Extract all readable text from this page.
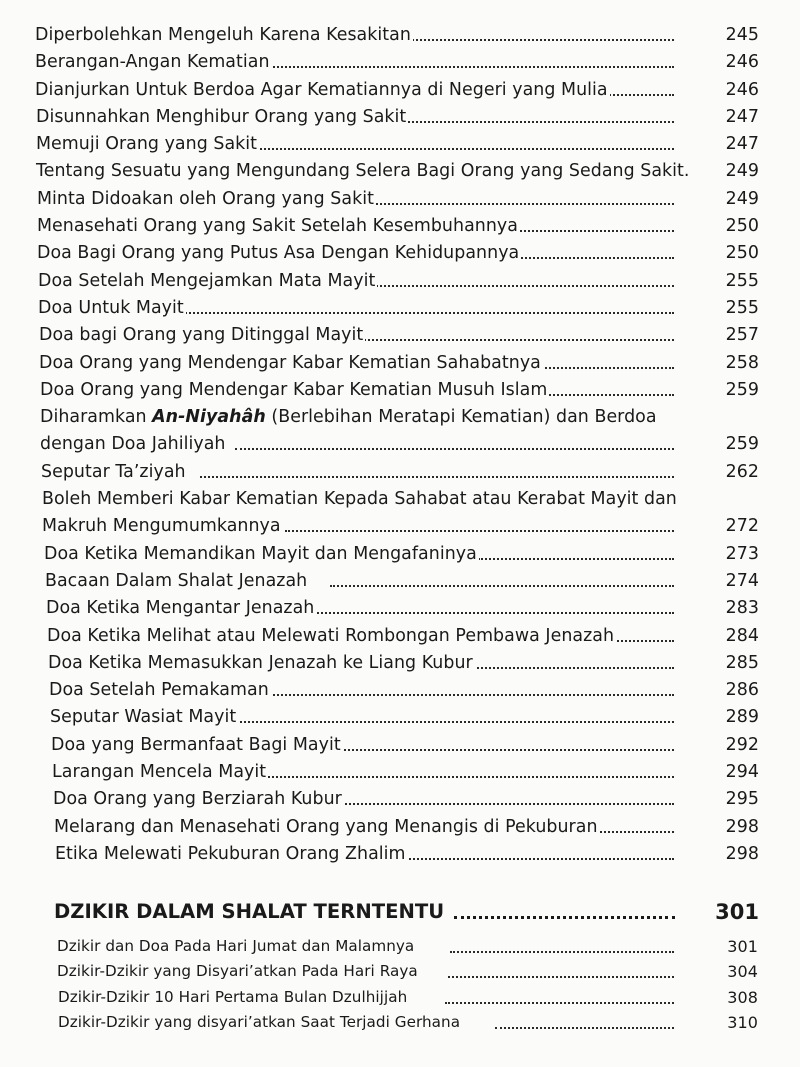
Diperbolehkan Mengeluh Karena Kesakitan	245
Berangan-Angan Kematian	246
Dianjurkan Untuk Berdoa Agar Kematiannya di Negeri yang Mulia	246
Disunnahkan Menghibur Orang yang Sakit	247
Memuji Orang yang Sakit	247
Tentang Sesuatu yang Mengundang Selera Bagi Orang yang Sedang Sakit. 249
Minta Didoakan oleh Orang yang Sakit	249
Menasehati Orang yang Sakit Setelah Kesembuhannya	250
Doa Bagi Orang yang Putus Asa Dengan Kehidupannya	250
Doa Setelah Mengejamkan Mata Mayit	255
Doa Untuk Mayit	255
Doa bagi Orang yang Ditinggal Mayit	257
Doa Orang yang Mendengar Kabar Kematian Sahabatnya	258
Doa Orang yang Mendengar Kabar Kematian Musuh Islam	259
Diharamkan An-Niyahâh (Berlebihan Meratapi Kematian) dan Berdoa
dengan Doa Jahiliyah	259
Seputar Ta’ziyah	262
Boleh Memberi Kabar Kematian Kepada Sahabat atau Kerabat Mayit dan
Makruh Mengumumkannya	272
Doa Ketika Memandikan Mayit dan Mengafaninya	273
Bacaan Dalam Shalat Jenazah	274
Doa Ketika Mengantar Jenazah	283
Doa Ketika Melihat atau Melewati Rombongan Pembawa Jenazah	284
Doa Ketika Memasukkan Jenazah ke Liang Kubur	285
Doa Setelah Pemakaman	286
Seputar Wasiat Mayit	289
Doa yang Bermanfaat Bagi Mayit	292
Larangan Mencela Mayit	294
Doa Orang yang Berziarah Kubur	295
Melarang dan Menasehati Orang yang Menangis di Pekuburan	298
Etika Melewati Pekuburan Orang Zhalim	298
DZIKIR DALAM SHALAT TERNTENTU	301
Dzikir dan Doa Pada Hari Jumat dan Malamnya	301
Dzikir-Dzikir yang Disyari’atkan Pada Hari Raya	304
Dzikir-Dzikir 10 Hari Pertama Bulan Dzulhijjah	308
Dzikir-Dzikir yang disyari’atkan Saat Terjadi Gerhana	310
